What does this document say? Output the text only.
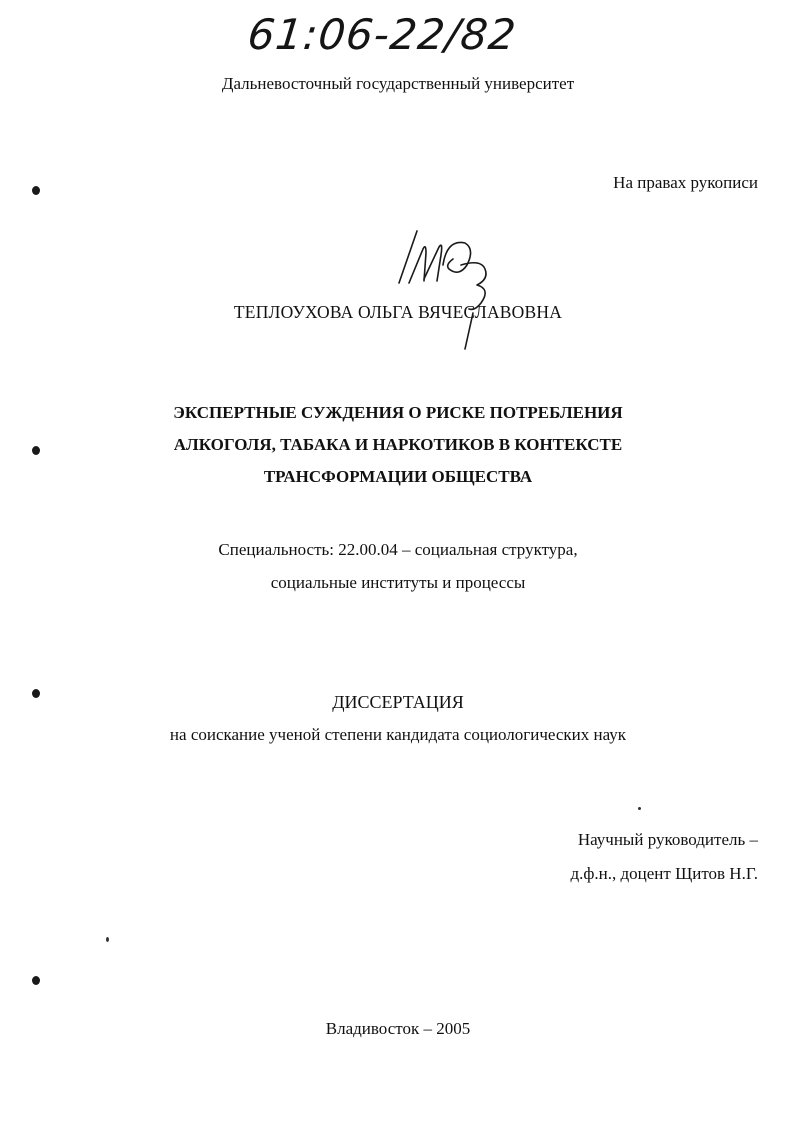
61:06-22/82
Дальневосточный государственный университет
На правах рукописи
ТЕПЛОУХОВА ОЛЬГА ВЯЧЕСЛАВОВНА
ЭКСПЕРТНЫЕ СУЖДЕНИЯ О РИСКЕ ПОТРЕБЛЕНИЯ
АЛКОГОЛЯ, ТАБАКА И НАРКОТИКОВ В КОНТЕКСТЕ
ТРАНСФОРМАЦИИ ОБЩЕСТВА
Специальность: 22.00.04 – социальная структура,
социальные институты и процессы
ДИССЕРТАЦИЯ
на соискание ученой степени кандидата социологических наук
Научный руководитель –
д.ф.н., доцент Щитов Н.Г.
Владивосток – 2005
